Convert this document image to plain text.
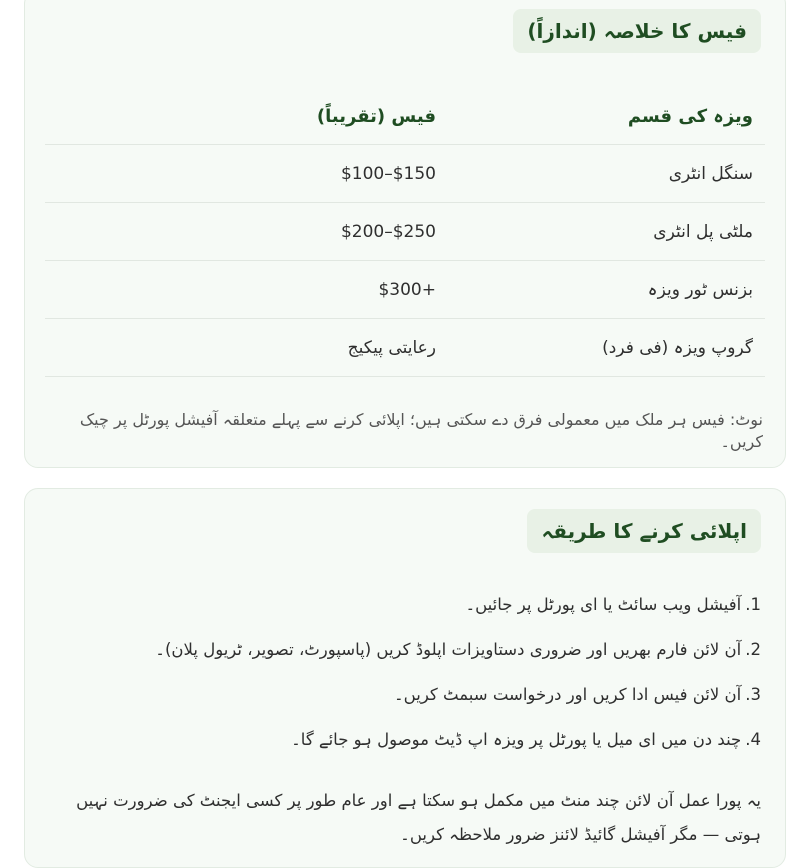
فیس کا خلاصہ (اندازاً)
ویزہ کی قسم	فیس (تقریباً)
سنگل انٹری	$100–$150
ملٹی پل انٹری	$200–$250
بزنس ٹور ویزہ	$300+
گروپ ویزہ (فی فرد)	رعایتی پیکیج

نوٹ: فیس ہر ملک میں معمولی فرق دے سکتی ہیں؛ اپلائی کرنے سے پہلے متعلقہ آفیشل پورٹل پر چیک کریں۔

اپلائی کرنے کا طریقہ
1.آفیشل ویب سائٹ یا ای پورٹل پر جائیں۔
2.آن لائن فارم بھریں اور ضروری دستاویزات اپلوڈ کریں (پاسپورٹ، تصویر، ٹریول پلان)۔
3.آن لائن فیس ادا کریں اور درخواست سبمٹ کریں۔
4.چند دن میں ای میل یا پورٹل پر ویزہ اپ ڈیٹ موصول ہو جائے گا۔

یہ پورا عمل آن لائن چند منٹ میں مکمل ہو سکتا ہے اور عام طور پر کسی ایجنٹ کی ضرورت نہیں ہوتی — مگر آفیشل گائیڈ لائنز ضرور ملاحظہ کریں۔
